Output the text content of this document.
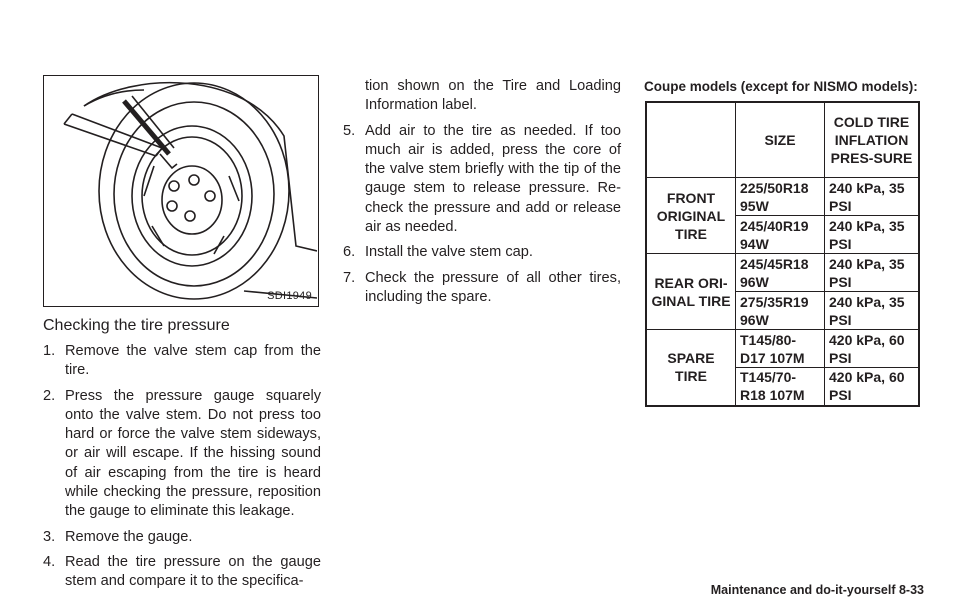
SDI1949
Checking the tire pressure
1. Remove the valve stem cap from the tire.
2. Press the pressure gauge squarely onto the valve stem. Do not press too hard or force the valve stem sideways, or air will escape. If the hissing sound of air escaping from the tire is heard while checking the pressure, reposition the gauge to eliminate this leakage.
3. Remove the gauge.
4. Read the tire pressure on the gauge stem and compare it to the specifica-
tion shown on the Tire and Loading Information label.
5. Add air to the tire as needed. If too much air is added, press the core of the valve stem briefly with the tip of the gauge stem to release pressure. Re-check the pressure and add or release air as needed.
6. Install the valve stem cap.
7. Check the pressure of all other tires, including the spare.
Coupe models (except for NISMO models):
	SIZE	COLD TIRE INFLATION PRES-SURE
FRONT ORIGINAL TIRE	225/50R18 95W	240 kPa, 35 PSI
	245/40R19 94W	240 kPa, 35 PSI
REAR ORI-GINAL TIRE	245/45R18 96W	240 kPa, 35 PSI
	275/35R19 96W	240 kPa, 35 PSI
SPARE TIRE	T145/80-D17 107M	420 kPa, 60 PSI
	T145/70-R18 107M	420 kPa, 60 PSI
Maintenance and do-it-yourself 8-33
